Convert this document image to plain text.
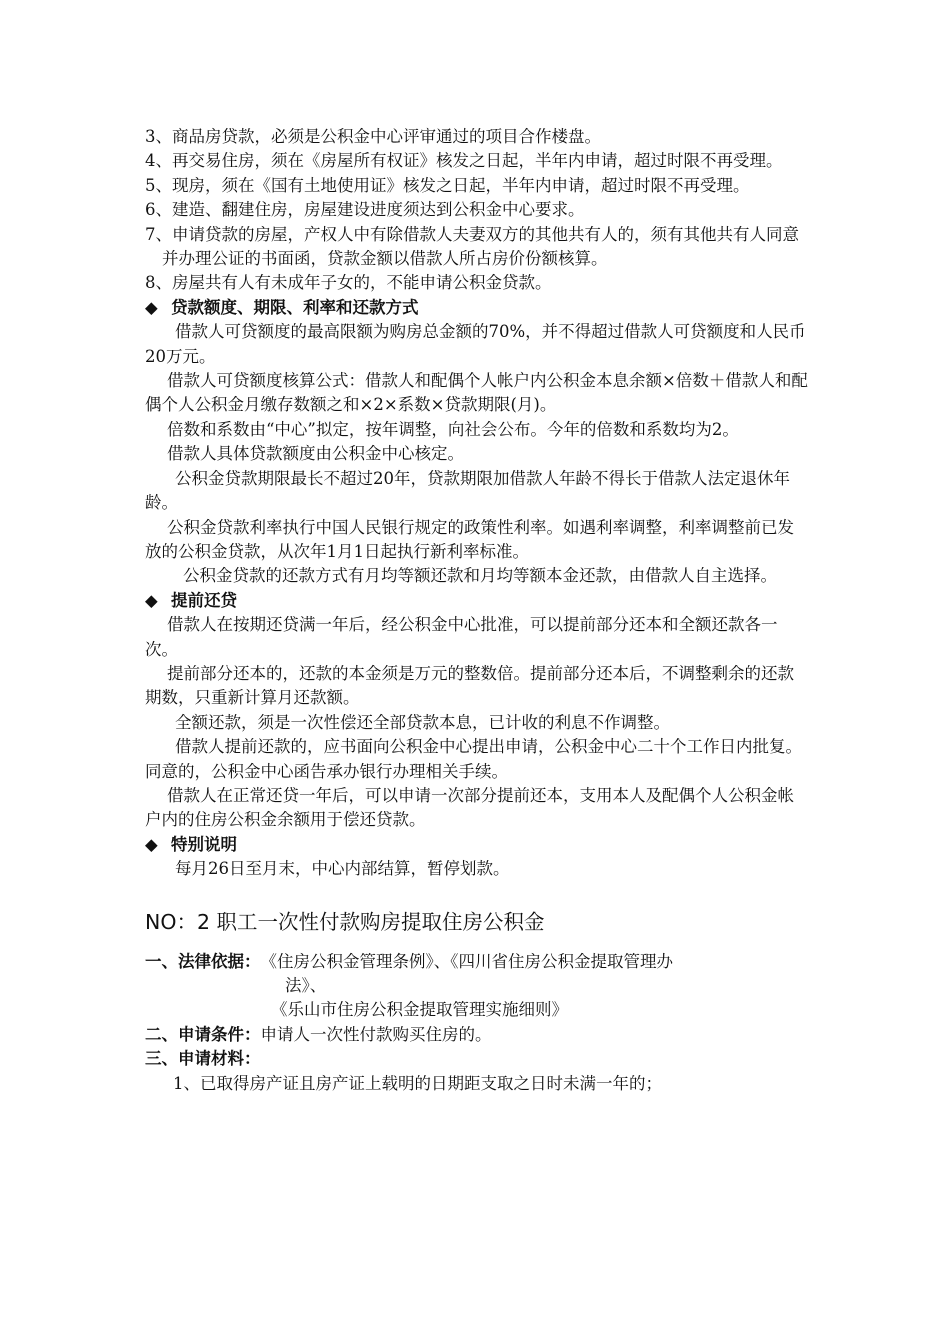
3、商品房贷款，必须是公积金中心评审通过的项目合作楼盘。

4、再交易住房，须在《房屋所有权证》核发之日起，半年内申请，超过时限不再受理。

5、现房，须在《国有土地使用证》核发之日起，半年内申请，超过时限不再受理。

6、建造、翻建住房，房屋建设进度须达到公积金中心要求。

7、申请贷款的房屋，产权人中有除借款人夫妻双方的其他共有人的，须有其他共有人同意并办理公证的书面函，贷款金额以借款人所占房价份额核算。

8、房屋共有人有未成年子女的，不能申请公积金贷款。

◆ 贷款额度、期限、利率和还款方式

借款人可贷额度的最高限额为购房总金额的70%，并不得超过借款人可贷额度和人民币20万元。

借款人可贷额度核算公式：借款人和配偶个人帐户内公积金本息余额×倍数＋借款人和配偶个人公积金月缴存数额之和×2×系数×贷款期限(月)。

倍数和系数由“中心”拟定，按年调整，向社会公布。今年的倍数和系数均为2。

借款人具体贷款额度由公积金中心核定。

公积金贷款期限最长不超过20年，贷款期限加借款人年龄不得长于借款人法定退休年龄。

公积金贷款利率执行中国人民银行规定的政策性利率。如遇利率调整，利率调整前已发放的公积金贷款，从次年1月1日起执行新利率标准。

公积金贷款的还款方式有月均等额还款和月均等额本金还款，由借款人自主选择。

◆ 提前还贷

借款人在按期还贷满一年后，经公积金中心批准，可以提前部分还本和全额还款各一次。

提前部分还本的，还款的本金须是万元的整数倍。提前部分还本后，不调整剩余的还款期数，只重新计算月还款额。

全额还款，须是一次性偿还全部贷款本息，已计收的利息不作调整。

借款人提前还款的，应书面向公积金中心提出申请，公积金中心二十个工作日内批复。同意的，公积金中心函告承办银行办理相关手续。

借款人在正常还贷一年后，可以申请一次部分提前还本，支用本人及配偶个人公积金帐户内的住房公积金余额用于偿还贷款。

◆ 特别说明

每月26日至月末，中心内部结算，暂停划款。

NO：2 职工一次性付款购房提取住房公积金
一、法律依据： 《住房公积金管理条例》、《四川省住房公积金提取管理办
法》、
《乐山市住房公积金提取管理实施细则》
二、申请条件： 申请人一次性付款购买住房的。
三、申请材料：

1、已取得房产证且房产证上载明的日期距支取之日时未满一年的；
